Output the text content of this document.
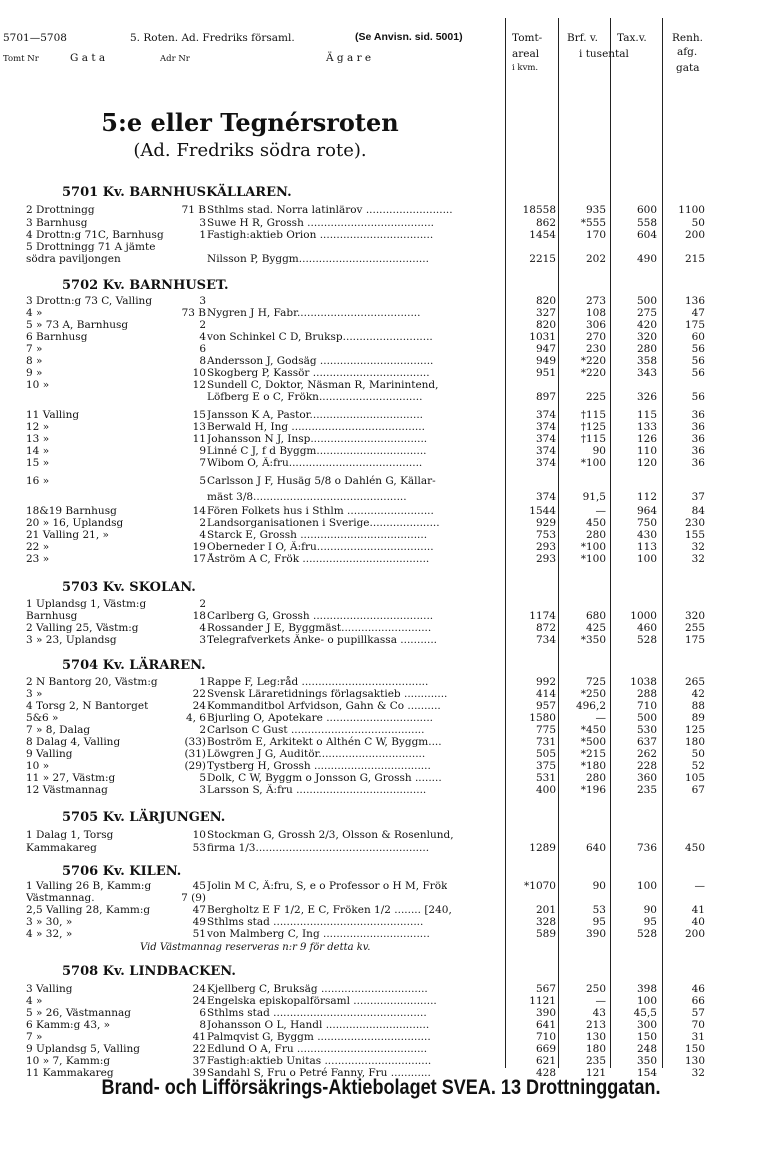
5701—5708	5. Roten. Ad. Fredriks församl.	(Se Anvisn. sid. 5001)
Tomt Nr	G a t a	Adr Nr	Ä g a r e
Tomt-
areal
i kvm.
Brf. v. Tax.v.
i tusental
Renh.
afg.
gata
5:e eller Tegnérsroten
(Ad. Fredriks södra rote).
5701 Kv. BARNHUSKÄLLAREN.
2 Drottningg	71 B Sthlms stad. Norra latinlärov ..........................	18558	935	600	1100
3 Barnhusg	3 Suwe H R, Grossh ......................................	862	*555	558	50
4 Drottn:g 71C, Barnhusg	1 Fastigh:aktieb Orion ..................................	1454	170	604	200
5 Drottningg 71 A jämte
södra paviljongen	Nilsson P, Byggm.......................................	2215	202	490	215
5702 Kv. BARNHUSET.
3 Drottn:g 73 C, Valling	3	820	273	500	136
4 »	73 B Nygren J H, Fabr.....................................	327	108	275	47
5 » 73 A, Barnhusg	2	820	306	420	175
6 Barnhusg	4 von Schinkel C D, Bruksp...........................	1031	270	320	60
7 »	6	947	230	280	56
8 »	8 Andersson J, Godsäg ..................................	949	*220	358	56
9 »	10 Skogberg P, Kassör ...................................	951	*220	343	56
10 »	12 Sundell C, Doktor, Näsman R, Marinintend,
Löfberg E o C, Frökn...............................	897	225	326	56
11 Valling	15 Jansson K A, Pastor..................................	374	†115	115	36
12 »	13 Berwald H, Ing ........................................	374	†125	133	36
13 »	11 Johansson N J, Insp...................................	374	†115	126	36
14 »	9 Linné C J, f d Byggm.................................	374	90	110	36
15 »	7 Wibom O, Ä:fru........................................	374	*100	120	36
16 »	5 Carlsson J F, Husäg 5/8 o Dahlén G, Källar-
mäst 3/8..............................................	374	91,5	112	37
18&19 Barnhusg	14 Fören Folkets hus i Sthlm ..........................	1544	—	964	84
20 » 16, Uplandsg	2 Landsorganisationen i Sverige.....................	929	450	750	230
21 Valling 21, »	4 Starck E, Grossh ......................................	753	280	430	155
22 »	19 Oberneder I O, Ä:fru...................................	293	*100	113	32
23 »	17 Åström A C, Frök ......................................	293	*100	100	32
5703 Kv. SKOLAN.
1 Uplandsg 1, Västm:g	2
Barnhusg	18 Carlberg G, Grossh ....................................	1174	680	1000	320
2 Valling 25, Västm:g	4 Rossander J E, Byggmäst...........................	872	425	460	255
3 » 23, Uplandsg	3 Telegrafverkets Änke- o pupillkassa ...........	734	*350	528	175
5704 Kv. LÄRAREN.
2 N Bantorg 20, Västm:g	1 Rappe F, Leg:råd ......................................	992	725	1038	265
3 »	22 Svensk Läraretidnings förlagsaktieb .............	414	*250	288	42
4 Torsg 2, N Bantorget	24 Kommanditbol Arfvidson, Gahn & Co ..........	957	496,2	710	88
5&6 »	4, 6 Bjurling O, Apotekare ................................	1580	—	500	89
7 » 8, Dalag	2 Carlson C Gust ........................................	775	*450	530	125
8 Dalag 4, Valling	(33) Boström E, Arkitekt o Althén C W, Byggm....	731	*500	637	180
9 Valling	(31) Löwgren J G, Auditör................................	505	*215	262	50
10 »	(29) Tystberg H, Grossh ...................................	375	*180	228	52
11 » 27, Västm:g	5 Dolk, C W, Byggm o Jonsson G, Grossh ........	531	280	360	105
12 Västmannag	3 Larsson S, Ä:fru .......................................	400	*196	235	67
5705 Kv. LÄRJUNGEN.
1 Dalag 1, Torsg	10 Stockman G, Grossh 2/3, Olsson & Rosenlund,
Kammakareg	53 firma 1/3....................................................	1289	640	736	450
5706 Kv. KILEN.
1 Valling 26 B, Kamm:g	45 Jolin M C, Ä:fru, S, e o Professor o H M, Frök	*1070	90	100	—
Västmannag.	7 (9)
2,5 Valling 28, Kamm:g	47 Bergholtz E F 1/2, E C, Fröken 1/2 ........ [240,	201	53	90	41
3 » 30, »	49 Sthlms stad .............................................	328	95	95	40
4 » 32, »	51 von Malmberg C, Ing ................................	589	390	528	200
Vid Västmannag reserveras n:r 9 för detta kv.
5708 Kv. LINDBACKEN.
3 Valling	24 Kjellberg C, Bruksäg ................................	567	250	398	46
4 »	24 Engelska episkopalförsaml .........................	1121	—	100	66
5 » 26, Västmannag	6 Sthlms stad ..............................................	390	43	45,5	57
6 Kamm:g 43, »	8 Johansson O L, Handl ...............................	641	213	300	70
7 »	41 Palmqvist G, Byggm ..................................	710	130	150	31
9 Uplandsg 5, Valling	22 Edlund O A, Fru .......................................	669	180	248	150
10 » 7, Kamm:g	37 Fastigh:aktieb Unitas ................................	621	235	350	130
11 Kammakareg	39 Sandahl S, Fru o Petré Fanny, Fru ............	428	121	154	32
Brand- och Lifförsäkrings-Aktiebolaget SVEA. 13 Drottninggatan.
